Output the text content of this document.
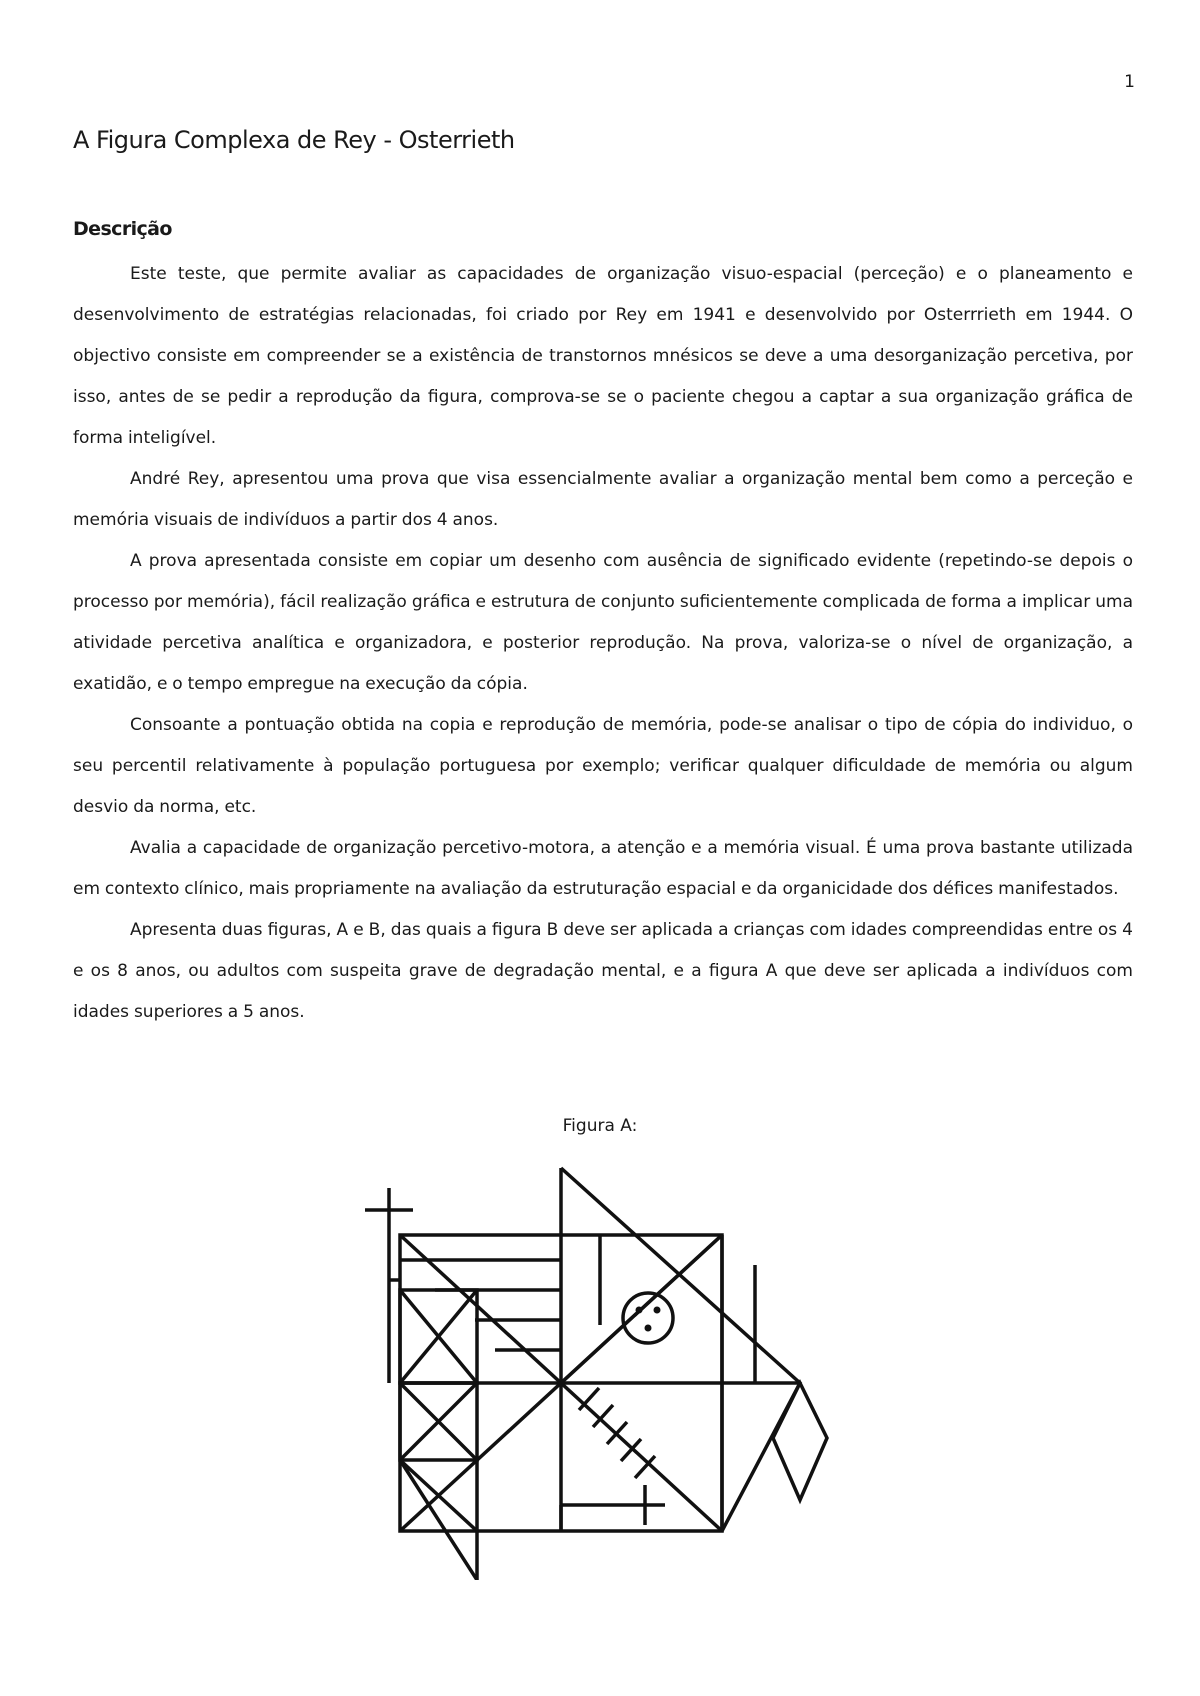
1
A Figura Complexa de Rey - Osterrieth
Descrição

Este teste, que permite avaliar as capacidades de organização visuo-espacial (perceção) e o planeamento e desenvolvimento de estratégias relacionadas, foi criado por Rey em 1941 e desenvolvido por Osterrrieth em 1944. O objectivo consiste em compreender se a existência de transtornos mnésicos se deve a uma desorganização percetiva, por isso, antes de se pedir a reprodução da figura, comprova-se se o paciente chegou a captar a sua organização gráfica de forma inteligível.

André Rey, apresentou uma prova que visa essencialmente avaliar a organização mental bem como a perceção e memória visuais de indivíduos a partir dos 4 anos.

A prova apresentada consiste em copiar um desenho com ausência de significado evidente (repetindo-se depois o processo por memória), fácil realização gráfica e estrutura de conjunto suficientemente complicada de forma a implicar uma atividade percetiva analítica e organizadora, e posterior reprodução. Na prova, valoriza-se o nível de organização, a exatidão, e o tempo empregue na execução da cópia.

Consoante a pontuação obtida na copia e reprodução de memória, pode-se analisar o tipo de cópia do individuo, o seu percentil relativamente à população portuguesa por exemplo; verificar qualquer dificuldade de memória ou algum desvio da norma, etc.

Avalia a capacidade de organização percetivo-motora, a atenção e a memória visual. É uma prova bastante utilizada em contexto clínico, mais propriamente na avaliação da estruturação espacial e da organicidade dos défices manifestados.

Apresenta duas figuras, A e B, das quais a figura B deve ser aplicada a crianças com idades compreendidas entre os 4 e os 8 anos, ou adultos com suspeita grave de degradação mental, e a figura A que deve ser aplicada a indivíduos com idades superiores a 5 anos.

Figura A:
